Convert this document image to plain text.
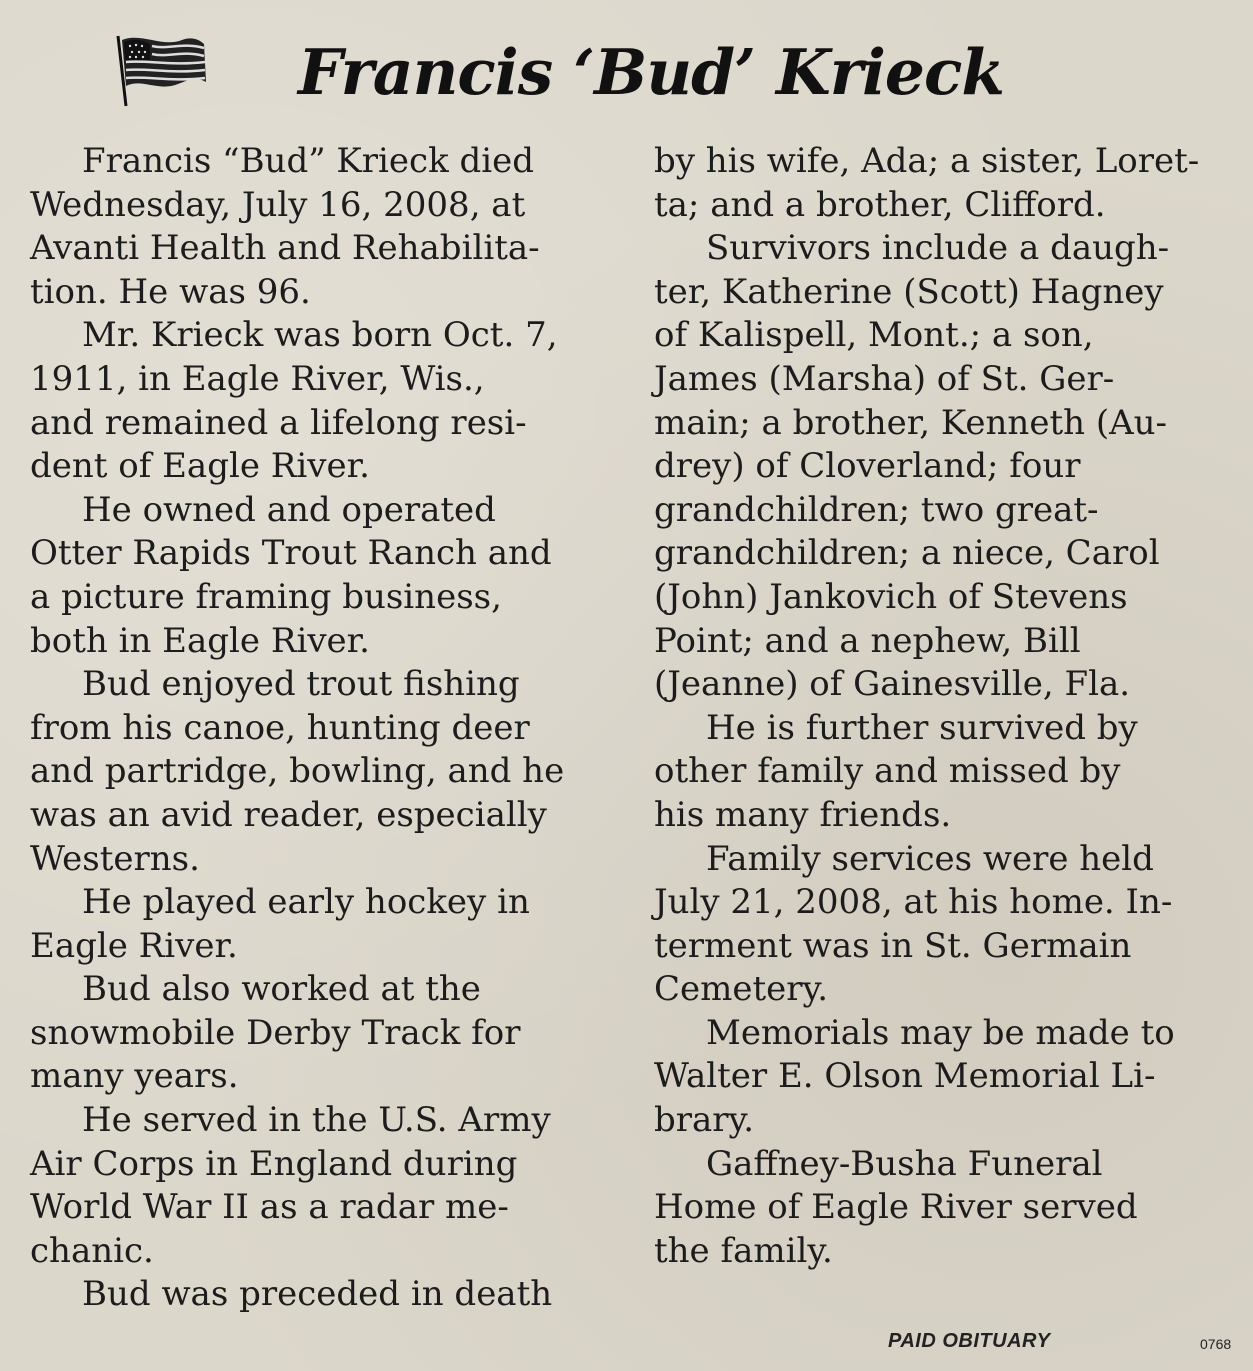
Francis ‘Bud’ Krieck

Francis “Bud” Krieck died
Wednesday, July 16, 2008, at
Avanti Health and Rehabilita-
tion. He was 96.

Mr. Krieck was born Oct. 7,
1911, in Eagle River, Wis.,
and remained a lifelong resi-
dent of Eagle River.

He owned and operated
Otter Rapids Trout Ranch and
a picture framing business,
both in Eagle River.

Bud enjoyed trout fishing
from his canoe, hunting deer
and partridge, bowling, and he
was an avid reader, especially
Westerns.

He played early hockey in
Eagle River.

Bud also worked at the
snowmobile Derby Track for
many years.

He served in the U.S. Army
Air Corps in England during
World War II as a radar me-
chanic.

Bud was preceded in death

by his wife, Ada; a sister, Loret-
ta; and a brother, Clifford.

Survivors include a daugh-
ter, Katherine (Scott) Hagney
of Kalispell, Mont.; a son,
James (Marsha) of St. Ger-
main; a brother, Kenneth (Au-
drey) of Cloverland; four
grandchildren; two great-
grandchildren; a niece, Carol
(John) Jankovich of Stevens
Point; and a nephew, Bill
(Jeanne) of Gainesville, Fla.

He is further survived by
other family and missed by
his many friends.

Family services were held
July 21, 2008, at his home. In-
terment was in St. Germain
Cemetery.

Memorials may be made to
Walter E. Olson Memorial Li-
brary.

Gaffney-Busha Funeral
Home of Eagle River served
the family.

PAID OBITUARY	0768
